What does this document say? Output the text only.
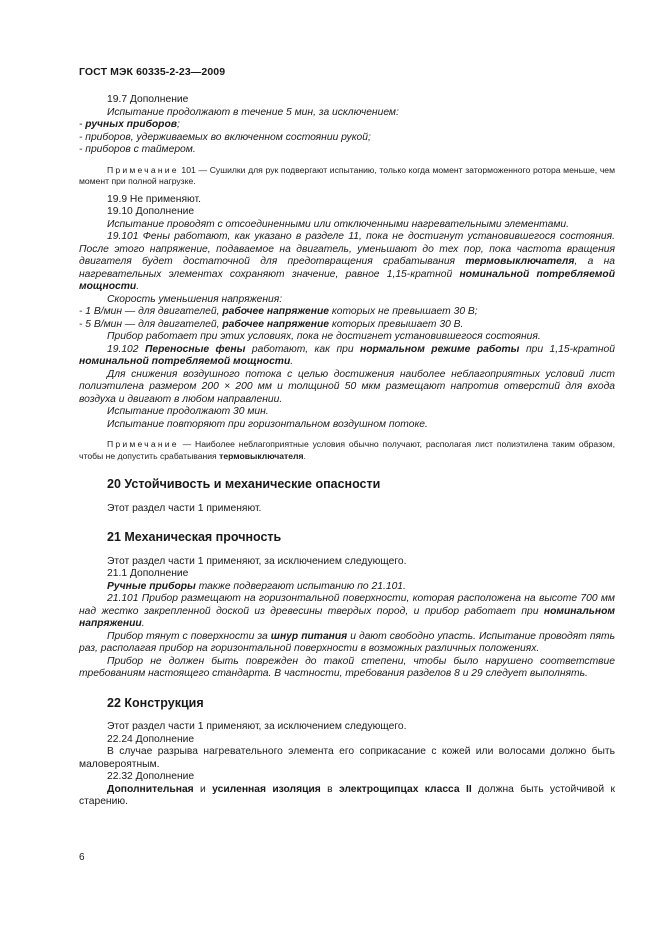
ГОСТ МЭК 60335-2-23—2009

19.7 Дополнение

Испытание продолжают в течение 5 мин, за исключением:

- ручных приборов;

- приборов, удерживаемых во включенном состоянии рукой;

- приборов с таймером.

Примечание 101 — Сушилки для рук подвергают испытанию, только когда момент заторможенного ротора меньше, чем момент при полной нагрузке.

19.9 Не применяют.

19.10 Дополнение

Испытание проводят с отсоединенными или отключенными нагревательными элементами.

19.101 Фены работают, как указано в разделе 11, пока не достигнут установившегося состояния. После этого напряжение, подаваемое на двигатель, уменьшают до тех пор, пока частота вращения двигателя будет достаточной для предотвращения срабатывания термовыключателя, а на нагревательных элементах сохраняют значение, равное 1,15-кратной номинальной потребляемой мощности.

Скорость уменьшения напряжения:

- 1 В/мин — для двигателей, рабочее напряжение которых не превышает 30 В;

- 5 В/мин — для двигателей, рабочее напряжение которых превышает 30 В.

Прибор работает при этих условиях, пока не достигнет установившегося состояния.

19.102 Переносные фены работают, как при нормальном режиме работы при 1,15-кратной номинальной потребляемой мощности.

Для снижения воздушного потока с целью достижения наиболее неблагоприятных условий лист полиэтилена размером 200 × 200 мм и толщиной 50 мкм размещают напротив отверстий для входа воздуха и двигают в любом направлении.

Испытание продолжают 30 мин.

Испытание повторяют при горизонтальном воздушном потоке.

Примечание — Наиболее неблагоприятные условия обычно получают, располагая лист полиэтилена таким образом, чтобы не допустить срабатывания термовыключателя.

20 Устойчивость и механические опасности

Этот раздел части 1 применяют.

21 Механическая прочность

Этот раздел части 1 применяют, за исключением следующего.

21.1 Дополнение

Ручные приборы также подвергают испытанию по 21.101.

21.101 Прибор размещают на горизонтальной поверхности, которая расположена на высоте 700 мм над жестко закрепленной доской из древесины твердых пород, и прибор работает при номинальном напряжении.

Прибор тянут с поверхности за шнур питания и дают свободно упасть. Испытание проводят пять раз, располагая прибор на горизонтальной поверхности в возможных различных положениях.

Прибор не должен быть поврежден до такой степени, чтобы было нарушено соответствие требованиям настоящего стандарта. В частности, требования разделов 8 и 29 следует выполнять.

22 Конструкция

Этот раздел части 1 применяют, за исключением следующего.

22.24 Дополнение

В случае разрыва нагревательного элемента его соприкасание с кожей или волосами должно быть маловероятным.

22.32 Дополнение

Дополнительная и усиленная изоляция в электрощипцах класса II должна быть устойчивой к старению.

6
